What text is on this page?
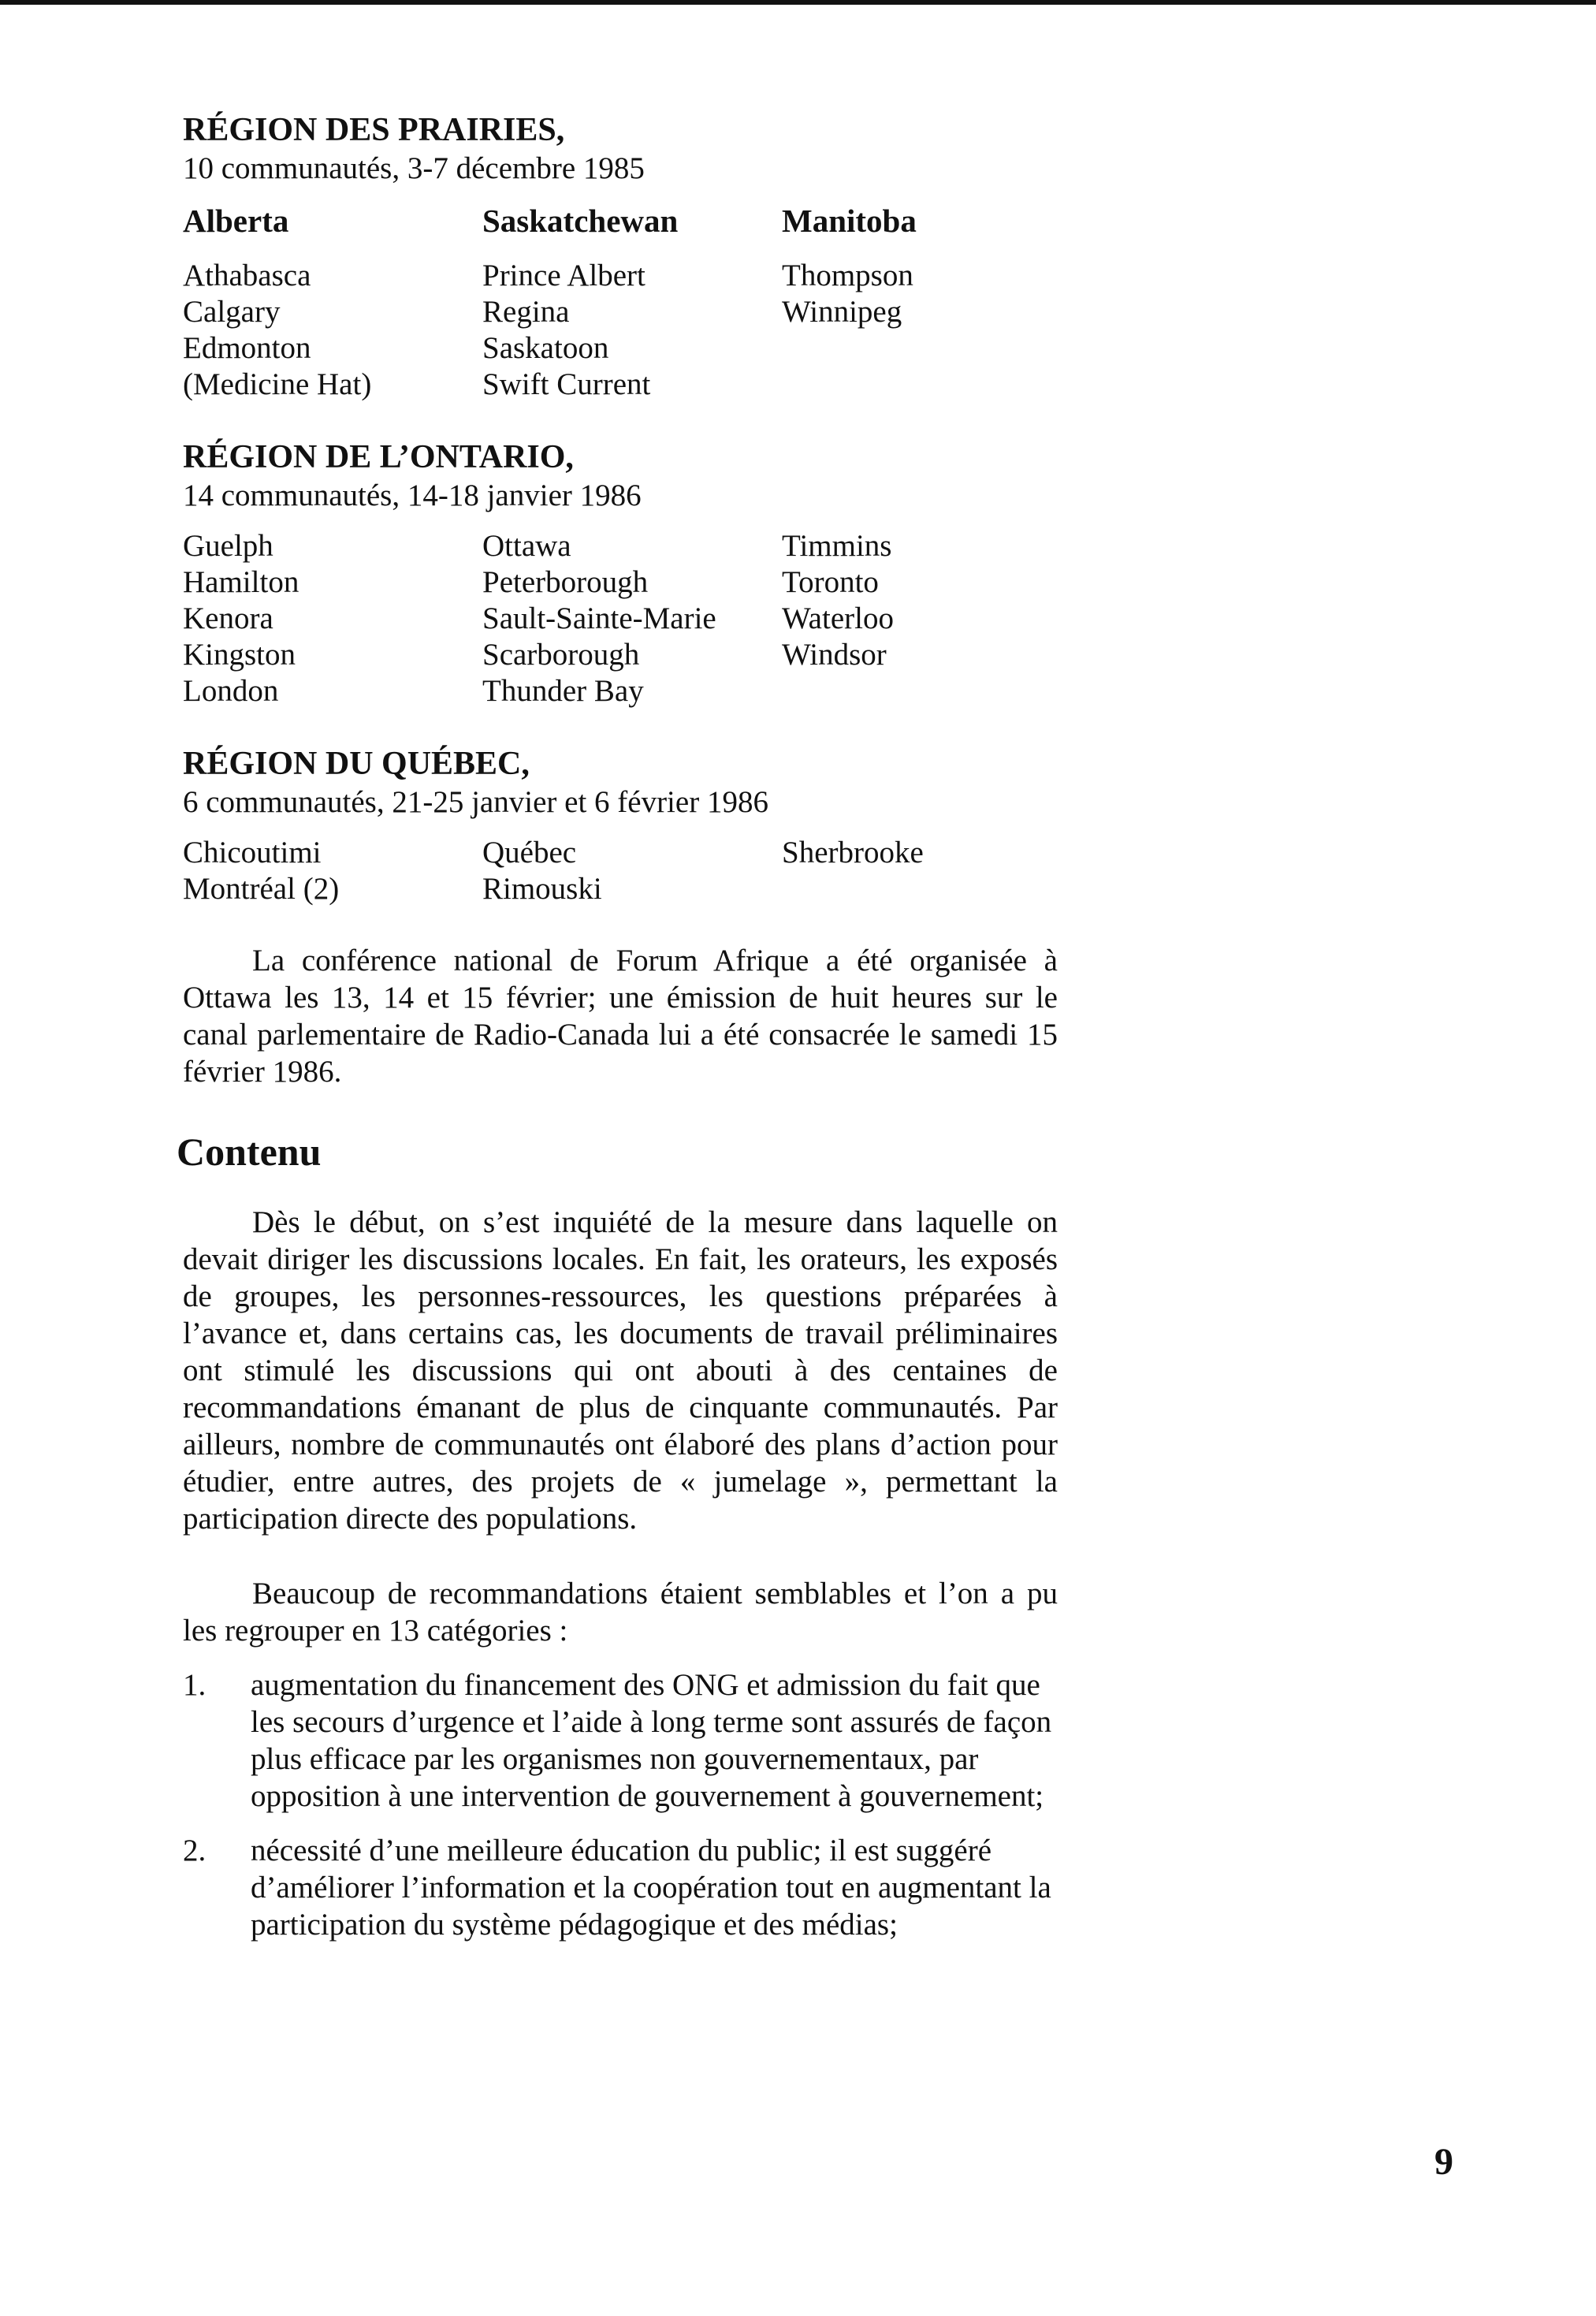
RÉGION DES PRAIRIES,
10 communautés, 3-7 décembre 1985
Alberta
Athabasca
Calgary
Edmonton
(Medicine Hat)
Saskatchewan
Prince Albert
Regina
Saskatoon
Swift Current
Manitoba
Thompson
Winnipeg
RÉGION DE L’ONTARIO,
14 communautés, 14-18 janvier 1986
Guelph
Hamilton
Kenora
Kingston
London
Ottawa
Peterborough
Sault-Sainte-Marie
Scarborough
Thunder Bay
Timmins
Toronto
Waterloo
Windsor
RÉGION DU QUÉBEC,
6 communautés, 21-25 janvier et 6 février 1986
Chicoutimi
Montréal (2)
Québec
Rimouski
Sherbrooke

La conférence national de Forum Afrique a été organisée à Ottawa les 13, 14 et 15 février; une émission de huit heures sur le canal parlementaire de Radio-Canada lui a été consacrée le samedi 15 février 1986.

Contenu

Dès le début, on s’est inquiété de la mesure dans laquelle on devait diriger les discussions locales. En fait, les orateurs, les exposés de groupes, les personnes-ressources, les questions préparées à l’avance et, dans certains cas, les documents de travail préliminaires ont stimulé les discussions qui ont abouti à des centaines de recommandations émanant de plus de cinquante communautés. Par ailleurs, nombre de communautés ont élaboré des plans d’action pour étudier, entre autres, des projets de « jumelage », permettant la participation directe des populations.

Beaucoup de recommandations étaient semblables et l’on a pu les regrouper en 13 catégories :

1.	augmentation du financement des ONG et admission du fait que les secours d’urgence et l’aide à long terme sont assurés de façon plus efficace par les organismes non gouvernementaux, par opposition à une intervention de gouvernement à gouvernement;
2.	nécessité d’une meilleure éducation du public; il est suggéré d’améliorer l’information et la coopération tout en augmentant la participation du système pédagogique et des médias;
9
